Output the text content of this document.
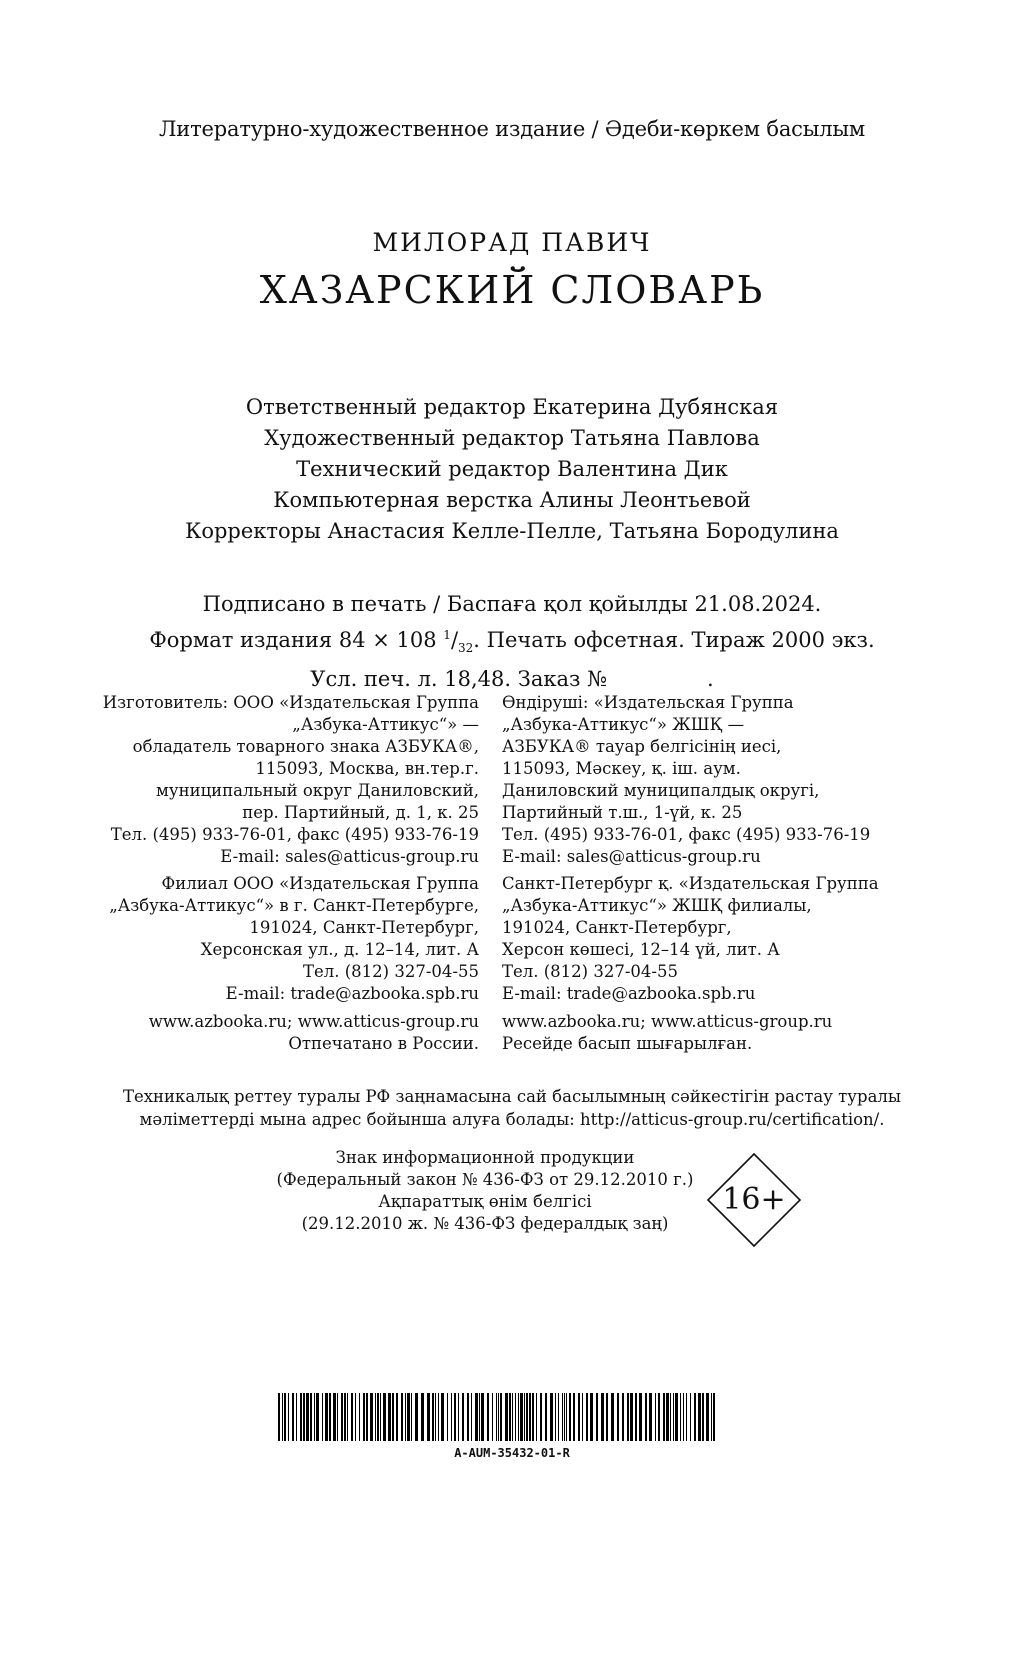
Литературно-художественное издание / Әдеби-көркем басылым
МИЛОРАД ПАВИЧ
ХАЗАРСКИЙ СЛОВАРЬ
Ответственный редактор Екатерина Дубянская
Художественный редактор Татьяна Павлова
Технический редактор Валентина Дик
Компьютерная верстка Алины Леонтьевой
Корректоры Анастасия Келле-Пелле, Татьяна Бородулина
Подписано в печать / Баспаға қол қойылды 21.08.2024.
Формат издания 84 × 108 $^1/_{32}$. Печать офсетная. Тираж 2000 экз.
Усл. печ. л. 18,48. Заказ №	.
Изготовитель: ООО «Издательская Группа
„Азбука-Аттикус“» —
обладатель товарного знака АЗБУКА®,
115093, Москва, вн.тер.г.
муниципальный округ Даниловский,
пер. Партийный, д. 1, к. 25
Тел. (495) 933-76-01, факс (495) 933-76-19
E-mail: sales@atticus-group.ru
Өндіруші: «Издательская Группа
„Азбука-Аттикус“» ЖШҚ —
АЗБУКА® тауар белгісінің иесі,
115093, Мәскеу, қ. іш. аум.
Даниловский муниципалдық округі,
Партийный т.ш., 1-үй, к. 25
Тел. (495) 933-76-01, факс (495) 933-76-19
E-mail: sales@atticus-group.ru
Филиал ООО «Издательская Группа
„Азбука-Аттикус“» в г. Санкт-Петербурге,
191024, Санкт-Петербург,
Херсонская ул., д. 12–14, лит. А
Тел. (812) 327-04-55
E-mail: trade@azbooka.spb.ru
Санкт-Петербург қ. «Издательская Группа
„Азбука-Аттикус“» ЖШҚ филиалы,
191024, Санкт-Петербург,
Херсон көшесі, 12–14 үй, лит. А
Тел. (812) 327-04-55
E-mail: trade@azbooka.spb.ru
www.azbooka.ru; www.atticus-group.ru
Отпечатано в России.
www.azbooka.ru; www.atticus-group.ru
Ресейде басып шығарылған.
Техникалық реттеу туралы РФ заңнамасына сай басылымның сәйкестігін растау туралы
мәліметтерді мына адрес бойынша алуға болады: http://atticus-group.ru/certification/.
Знак информационной продукции
(Федеральный закон № 436-ФЗ от 29.12.2010 г.)
Ақпараттық өнім белгісі
(29.12.2010 ж. № 436-ФЗ федералдық заң)
16+
A-AUM-35432-01-R
